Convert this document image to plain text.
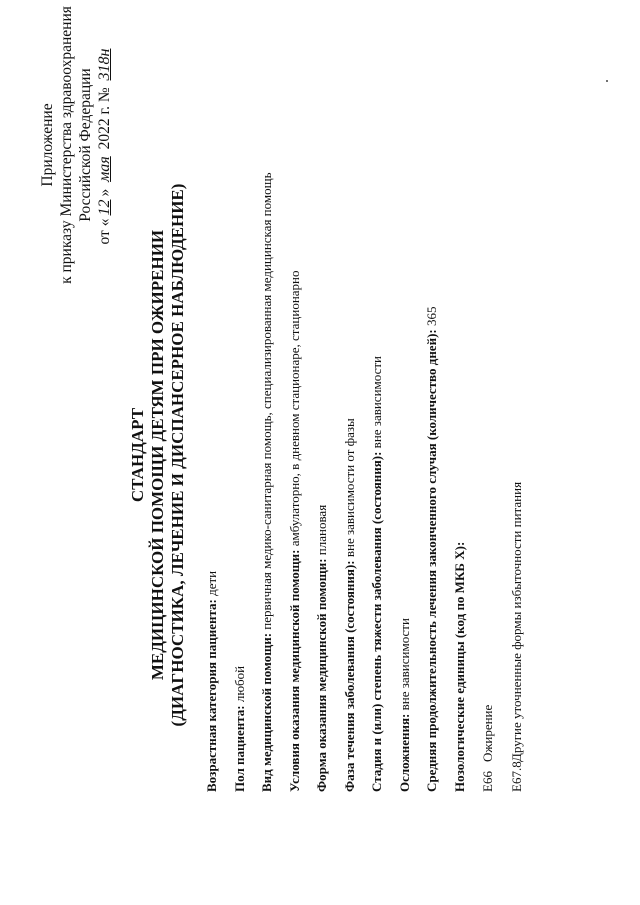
Приложение к приказу Министерства здравоохранения Российской Федерации
от «12» мая 2022 г. № 318н
СТАНДАРТ МЕДИЦИНСКОЙ ПОМОЩИ ДЕТЯМ ПРИ ОЖИРЕНИИ (ДИАГНОСТИКА, ЛЕЧЕНИЕ И ДИСПАНСЕРНОЕ НАБЛЮДЕНИЕ)	Возрастная категория пациента: дети
Пол пациента: любой Вид медицинской помощи: первичная медико-санитарная помощь, специализированная медицинская помощь
Условия оказания медицинской помощи: амбулаторно, в дневном стационаре, стационарно
Форма оказания медицинской помощи: плановая
Фаза течения заболевания (состояния): вне зависимости от фазы Стадия и (или) степень тяжести заболевания (состояния): вне зависимости
Осложнения: вне зависимости Средняя продолжительность лечения законченного случая (количество дней): 365
Нозологические единицы (код по МКБ X):
E66
Ожирение
E67.8
Другие уточненные формы избыточности питания
